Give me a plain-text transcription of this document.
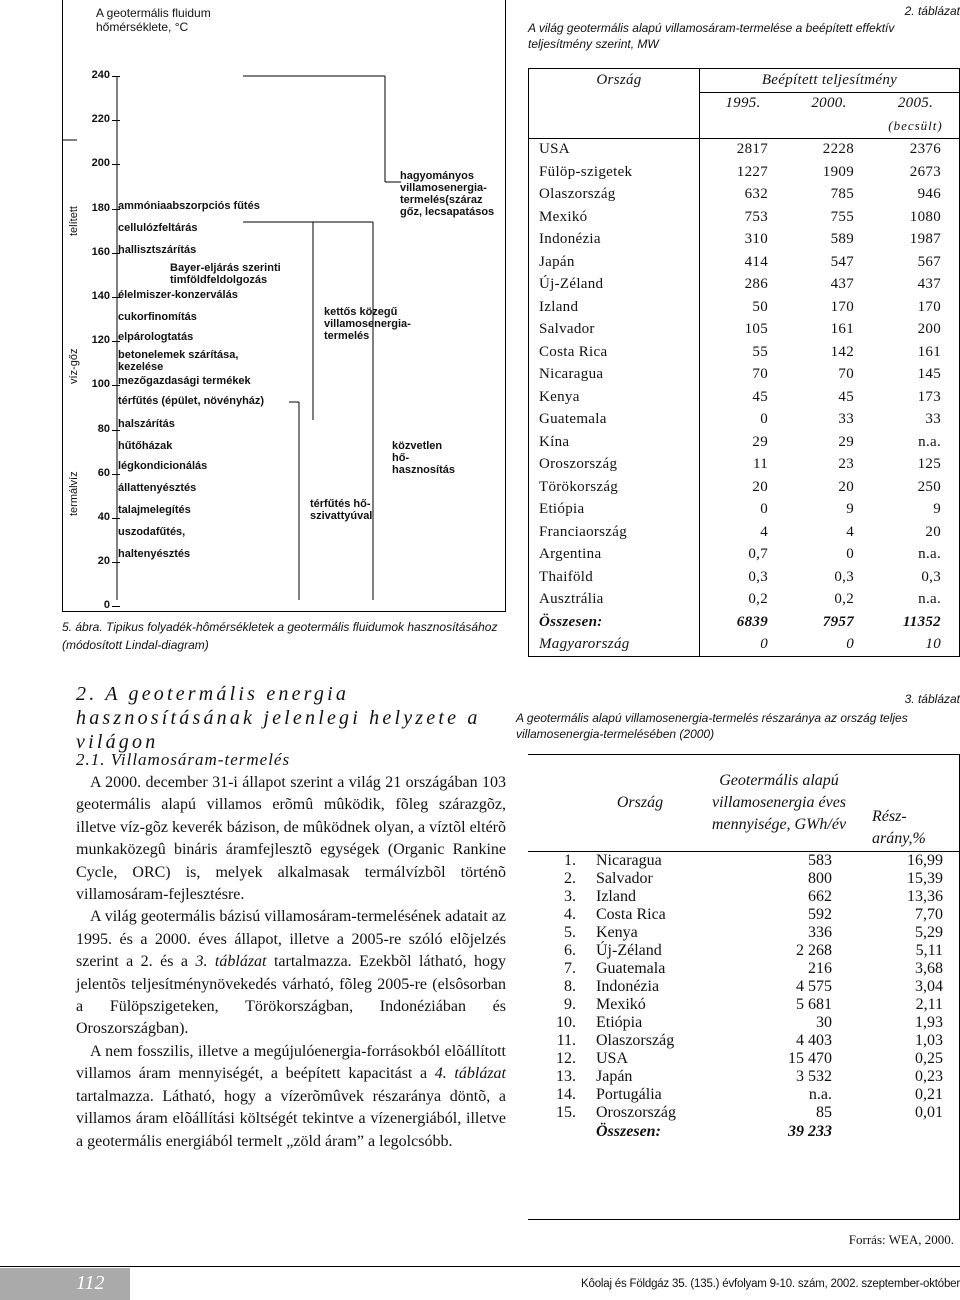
A geotermális fluidum hőmérséklete, °C
telített
víz-gőz
termálvíz
240
220
200
180
160
140
120
100
80
60
40
20
0
ammóniaabszorpciós fűtés
cellulózfeltárás
hallisztszárítás
Bayer-eljárás szerinti timföldfeldolgozás
élelmiszer-konzerválás
cukorfinomítás
elpárologtatás
betonelemek szárítása, kezelése
mezőgazdasági termékek
térfűtés (épület, növényház)
halszárítás
hűtőházak
légkondicionálás
állattenyésztés
talajmelegítés
uszodafűtés,
haltenyésztés
hagyományos villamosenergia-termelés(száraz gőz, lecsapatásos
kettős közegű villamosenergia-termelés
közvetlen hő-hasznosítás
térfűtés hő-szivattyúval
5. ábra. Tipikus folyadék-hômérsékletek a geotermális fluidumok hasznosításához (módosított Lindal-diagram)
2. táblázat
A világ geotermális alapú villamosáram-termelése a beépített effektív teljesítmény szerint, MW
Ország	Beépített teljesítmény		
	1995.	2000.	2005.
			(becsült)
USA	2817	2228	2376
Fülöp-szigetek	1227	1909	2673
Olaszország	632	785	946
Mexikó	753	755	1080
Indonézia	310	589	1987
Japán	414	547	567
Új-Zéland	286	437	437
Izland	50	170	170
Salvador	105	161	200
Costa Rica	55	142	161
Nicaragua	70	70	145
Kenya	45	45	173
Guatemala	0	33	33
Kína	29	29	n.a.
Oroszország	11	23	125
Törökország	20	20	250
Etiópia	0	9	9
Franciaország	4	4	20
Argentina	0,7	0	n.a.
Thaiföld	0,3	0,3	0,3
Ausztrália	0,2	0,2	n.a.
Összesen:	6839	7957	11352
Magyarország	0	0	10
2. A geotermális energia hasznosításának jelenlegi helyzete a világon
2.1. Villamosáram-termelés

A 2000. december 31-i állapot szerint a világ 21 országában 103 geotermális alapú villamos erõmû mûködik, fõleg szárazgõz, illetve víz-gõz keverék bázison, de mûködnek olyan, a víztõl eltérõ munkaközegû bináris áramfejlesztõ egységek (Organic Rankine Cycle, ORC) is, melyek alkalmasak termálvízbõl történõ villamosáram-fejlesztésre.

A világ geotermális bázisú villamosáram-termelésének adatait az 1995. és a 2000. éves állapot, illetve a 2005-re szóló elõjelzés szerint a 2. és a 3. táblázat tartalmazza. Ezekbõl látható, hogy jelentõs teljesítménynövekedés várható, fõleg 2005-re (elsôsorban a Fülöpszigeteken, Törökországban, Indonéziában és Oroszországban).

A nem fosszilis, illetve a megújulóenergia-forrásokból elõállított villamos áram mennyiségét, a beépített kapacitást a 4. táblázat tartalmazza. Látható, hogy a vízerõmûvek részaránya döntõ, a villamos áram elõállítási költségét tekintve a vízenergiából, illetve a geotermális energiából termelt „zöld áram” a legolcsóbb.

3. táblázat
A geotermális alapú villamosenergia-termelés részaránya az ország teljes villamosenergia-termelésében (2000)
	Ország	Geotermális alapú villamosenergia éves mennyisége, GWh/év	Rész-arány,%
1.	Nicaragua	583	16,99
2.	Salvador	800	15,39
3.	Izland	662	13,36
4.	Costa Rica	592	7,70
5.	Kenya	336	5,29
6.	Új-Zéland	2 268	5,11
7.	Guatemala	216	3,68
8.	Indonézia	4 575	3,04
9.	Mexikó	5 681	2,11
10.	Etiópia	30	1,93
11.	Olaszország	4 403	1,03
12.	USA	15 470	0,25
13.	Japán	3 532	0,23
14.	Portugália	n.a.	0,21
15.	Oroszország	85	0,01
	Összesen:	39 233	
Forrás: WEA, 2000.
112	Kôolaj és Földgáz 35. (135.) évfolyam 9-10. szám, 2002. szeptember-október
